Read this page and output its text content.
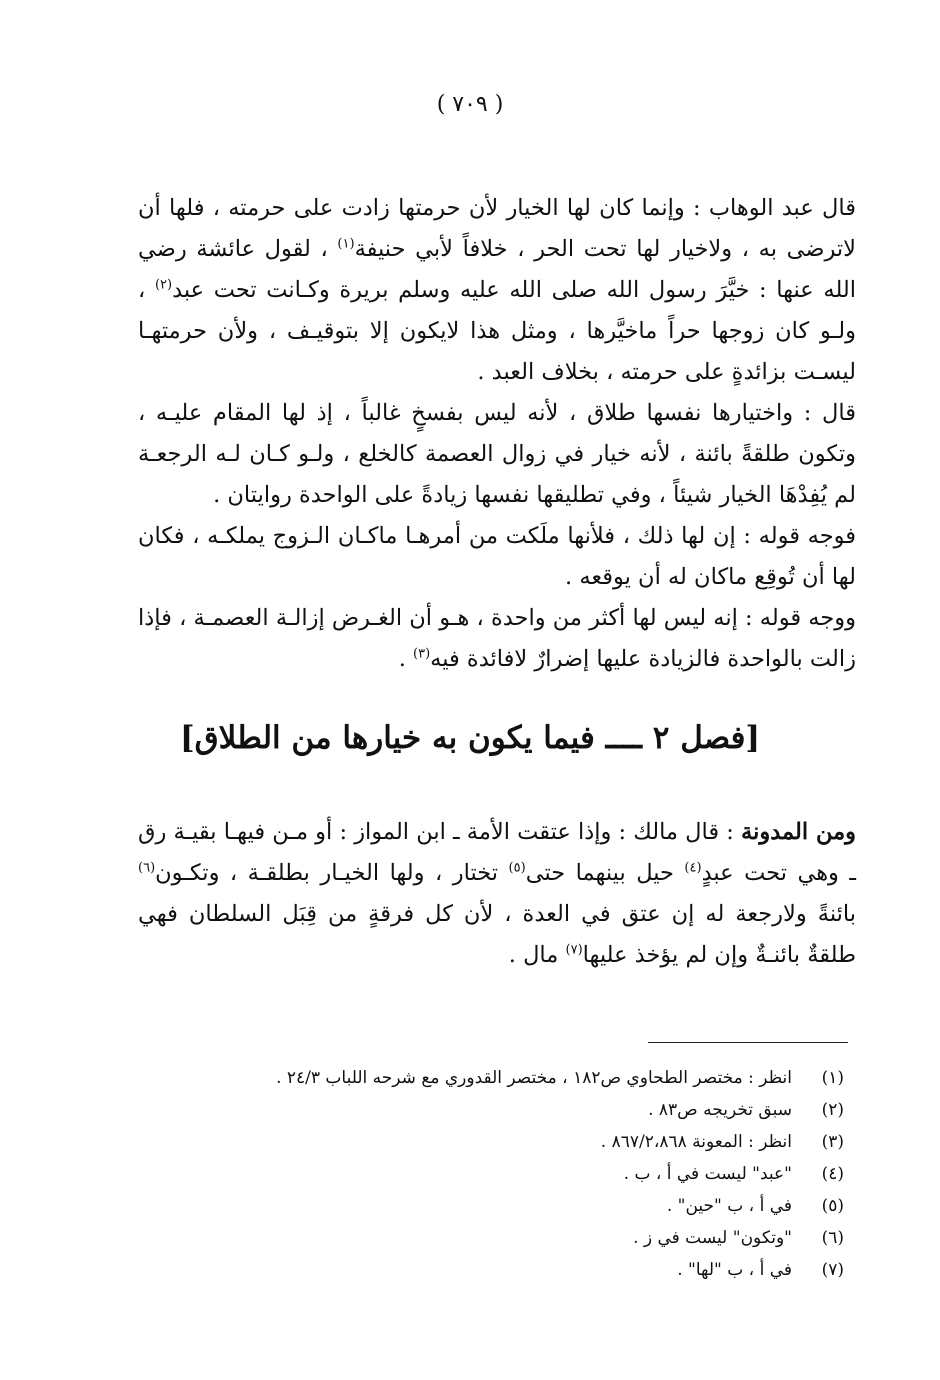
( ٧٠٩ )

قال عبد الوهاب : وإنما كان لها الخيار لأن حرمتها زادت على حرمته ، فلها أن لاترضى به ، ولاخيار لها تحت الحر ، خلافاً لأبي حنيفة$^{(١)}$ ، لقول عائشة رضي الله عنها : خيَّرَ رسول الله صلى الله عليه وسلم بريرة وكـانت تحت عبد$^{(٢)}$ ، ولـو كان زوجها حراً ماخيَّرها ، ومثل هذا لايكون إلا بتوقيـف ، ولأن حرمتهـا ليسـت بزائدةٍ على حرمته ، بخلاف العبد .

قال : واختيارها نفسها طلاق ، لأنه ليس بفسخٍ غالباً ، إذ لها المقام عليـه ، وتكون طلقةً بائنة ، لأنه خيار في زوال العصمة كالخلع ، ولـو كـان لـه الرجعـة لم يُفِدْهَا الخيار شيئاً ، وفي تطليقها نفسها زيادةً على الواحدة روايتان .

فوجه قوله : إن لها ذلك ، فلأنها ملَكت من أمرهـا ماكـان الـزوج يملكـه ، فكان لها أن تُوقِع ماكان له أن يوقعه .

ووجه قوله : إنه ليس لها أكثر من واحدة ، هـو أن الغـرض إزالـة العصمـة ، فإذا زالت بالواحدة فالزيادة عليها إضرارٌ لافائدة فيه$^{(٣)}$ .

[فصل ٢ ــــ فيما يكون به خيارها من الطلاق]

ومن المدونة : قال مالك : وإذا عتقت الأمة ـ ابن المواز : أو مـن فيهـا بقيـة رق ـ وهي تحت عبدٍ$^{(٤)}$ حيل بينهما حتى$^{(٥)}$ تختار ، ولها الخيـار بطلقـة ، وتكـون$^{(٦)}$ بائنةً ولارجعة له إن عتق في العدة ، لأن كل فرقةٍ من قِبَل السلطان فهي طلقةٌ بائنـةٌ وإن لم يؤخذ عليها$^{(٧)}$ مال .

(١)
انظر : مختصر الطحاوي ص١٨٢ ، مختصر القدوري مع شرحه اللباب ٢٤/٣ .
(٢)
سبق تخريجه ص٨٣ .
(٣)
انظر : المعونة ٨٦٧/٢،٨٦٨ .
(٤)
"عبد" ليست في أ ، ب .
(٥)
في أ ، ب "حين" .
(٦)
"وتكون" ليست في ز .
(٧)
في أ ، ب "لها" .
